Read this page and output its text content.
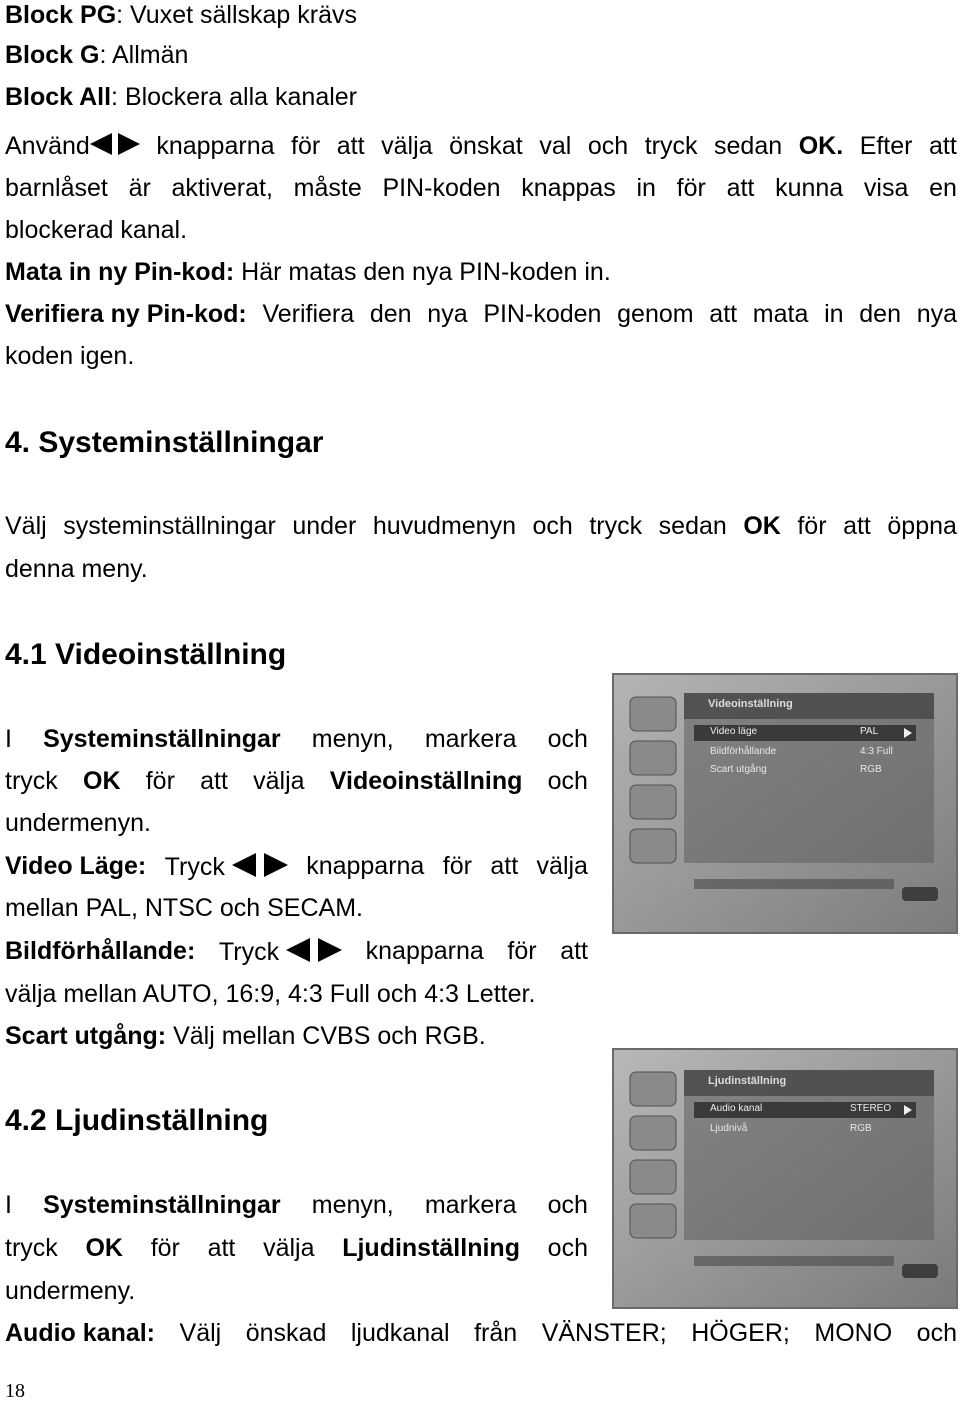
Block PG: Vuxet sällskap krävs
Block G: Allmän
Block All: Blockera alla kanaler
Använd	knapparna för att välja önskat val och tryck sedan OK. Efter att
barnlåset är aktiverat, måste PIN-koden knappas in för att kunna visa en
blockerad kanal.
Mata in ny Pin-kod: Här matas den nya PIN-koden in.
Verifiera ny Pin-kod: Verifiera den nya PIN-koden genom att mata in den nya
koden igen.
4. Systeminställningar
Välj systeminställningar under huvudmenyn och tryck sedan OK för att öppna
denna meny.
4.1 Videoinställning
I Systeminställningar menyn, markera och
tryck OK för att välja Videoinställning och
undermenyn.
Video Läge: Tryck	knapparna för att välja
mellan PAL, NTSC och SECAM.
Bildförhållande: Tryck	knapparna för att
välja mellan AUTO, 16:9, 4:3 Full och 4:3 Letter.
Scart utgång: Välj mellan CVBS och RGB.
4.2 Ljudinställning
I Systeminställningar menyn, markera och
tryck OK för att välja Ljudinställning och
undermeny.
Audio kanal: Välj önskad ljudkanal från VÄNSTER; HÖGER; MONO och
Videoinställning
Video läge	PAL
Bildförhållande	4:3 Full
Scart utgång	RGB
Ljudinställning
Audio kanal	STEREO
Ljudnivå	RGB
18
